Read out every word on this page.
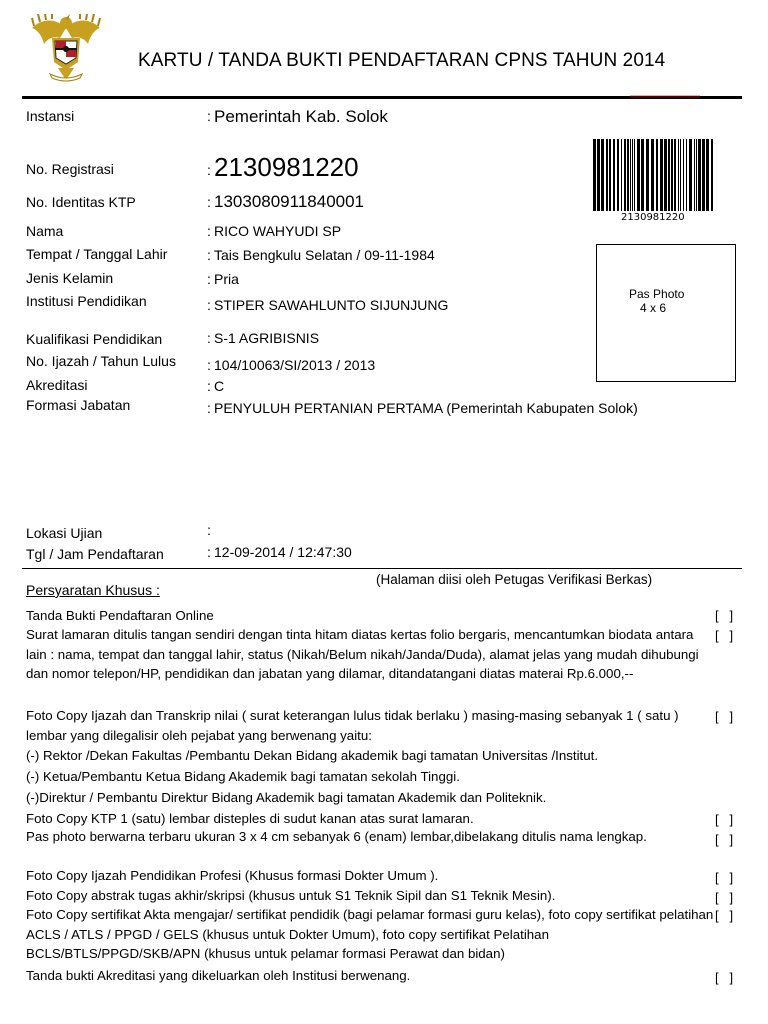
KARTU / TANDA BUKTI PENDAFTARAN CPNS TAHUN 2014
Instansi	: Pemerintah Kab. Solok
No. Registrasi	: 2130981220
No. Identitas KTP	: 1303080911840001
Nama	: RICO WAHYUDI SP
Tempat / Tanggal Lahir	: Tais Bengkulu Selatan / 09-11-1984
Jenis Kelamin	: Pria
Institusi Pendidikan	: STIPER SAWAHLUNTO SIJUNJUNG
Kualifikasi Pendidikan	: S-1 AGRIBISNIS
No. Ijazah / Tahun Lulus : 104/10063/SI/2013 / 2013
Akreditasi	: C
Formasi Jabatan	: PENYULUH PERTANIAN PERTAMA (Pemerintah Kabupaten Solok)
Lokasi Ujian	:
Tgl / Jam Pendaftaran	: 12-09-2014 / 12:47:30
2130981220
Pas Photo
4 x 6
Persyaratan Khusus :
(Halaman diisi oleh Petugas Verifikasi Berkas)
Tanda Bukti Pendaftaran Online	[   ]
Surat lamaran ditulis tangan sendiri dengan tinta hitam diatas kertas folio bergaris, mencantumkan biodata antara lain : nama, tempat dan tanggal lahir, status (Nikah/Belum nikah/Janda/Duda), alamat jelas yang mudah dihubungi dan nomor telepon/HP, pendidikan dan jabatan yang dilamar, ditandatangani diatas materai Rp.6.000,--
[   ]
Foto Copy Ijazah dan Transkrip nilai ( surat keterangan lulus tidak berlaku ) masing-masing sebanyak 1 ( satu ) lembar yang dilegalisir oleh pejabat yang berwenang yaitu:
[   ]
(-) Rektor /Dekan Fakultas /Pembantu Dekan Bidang akademik bagi tamatan Universitas /Institut.
(-) Ketua/Pembantu Ketua Bidang Akademik bagi tamatan sekolah Tinggi.
(-)Direktur / Pembantu Direktur Bidang Akademik bagi tamatan Akademik dan Politeknik.
Foto Copy KTP 1 (satu) lembar disteples di sudut kanan atas surat lamaran.	[   ]
Pas photo berwarna terbaru ukuran 3 x 4 cm sebanyak 6 (enam) lembar,dibelakang ditulis nama lengkap.	[   ]
Foto Copy Ijazah Pendidikan Profesi (Khusus formasi Dokter Umum ).	[   ]
Foto Copy abstrak tugas akhir/skripsi (khusus untuk S1 Teknik Sipil dan S1 Teknik Mesin).	[   ]
Foto Copy sertifikat Akta mengajar/ sertifikat pendidik (bagi pelamar formasi guru kelas), foto copy sertifikat pelatihan ACLS / ATLS / PPGD / GELS (khusus untuk Dokter Umum), foto copy sertifikat Pelatihan BCLS/BTLS/PPGD/SKB/APN (khusus untuk pelamar formasi Perawat dan bidan)
[   ]
Tanda bukti Akreditasi yang dikeluarkan oleh Institusi berwenang.	[   ]
